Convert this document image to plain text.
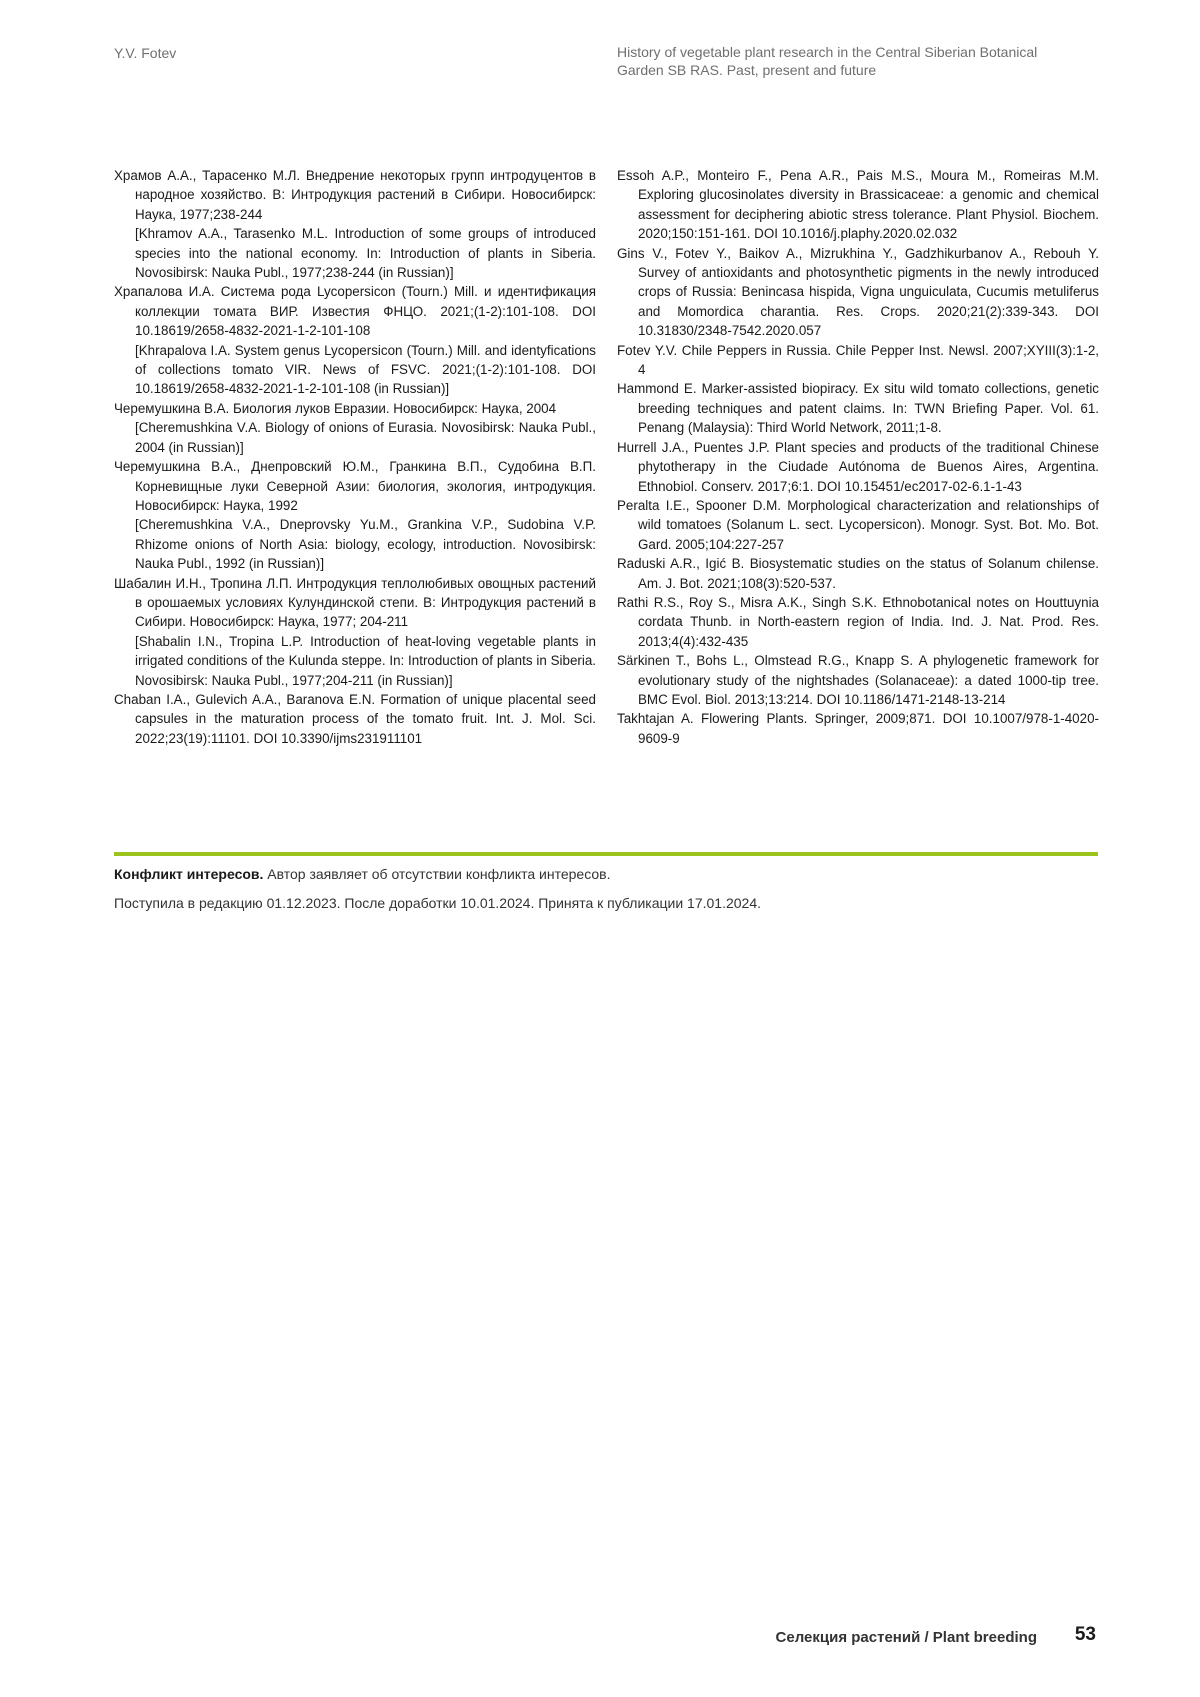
Y.V. Fotev	History of vegetable plant research in the Central Siberian Botanical Garden SB RAS. Past, present and future

Храмов А.А., Тарасенко М.Л. Внедрение некоторых групп интродуцентов в народное хозяйство. В: Интродукция растений в Сибири. Новосибирск: Наука, 1977;238-244
[Khramov A.A., Tarasenko M.L. Introduction of some groups of introduced species into the national economy. In: Introduction of plants in Siberia. Novosibirsk: Nauka Publ., 1977;238-244 (in Russian)]

Храпалова И.А. Система рода Lycopersicon (Tourn.) Mill. и идентификация коллекции томата ВИР. Известия ФНЦО. 2021;(1-2):101-108. DOI 10.18619/2658-4832-2021-1-2-101-108
[Khrapalova I.A. System genus Lycopersicon (Tourn.) Mill. and identyfications of collections tomato VIR. News of FSVC. 2021;(1-2):101-108. DOI 10.18619/2658-4832-2021-1-2-101-108 (in Russian)]

Черемушкина В.А. Биология луков Евразии. Новосибирск: Наука, 2004
[Cheremushkina V.A. Biology of onions of Eurasia. Novosibirsk: Nauka Publ., 2004 (in Russian)]

Черемушкина В.А., Днепровский Ю.М., Гранкина В.П., Судобина В.П. Корневищные луки Северной Азии: биология, экология, интродукция. Новосибирск: Наука, 1992
[Cheremushkina V.A., Dneprovsky Yu.M., Grankina V.P., Sudobina V.P. Rhizome onions of North Asia: biology, ecology, introduction. Novosibirsk: Nauka Publ., 1992 (in Russian)]

Шабалин И.Н., Тропина Л.П. Интродукция теплолюбивых овощных растений в орошаемых условиях Кулундинской степи. В: Интродукция растений в Сибири. Новосибирск: Наука, 1977; 204-211
[Shabalin I.N., Tropina L.P. Introduction of heat-loving vegetable plants in irrigated conditions of the Kulunda steppe. In: Introduction of plants in Siberia. Novosibirsk: Nauka Publ., 1977;204-211 (in Russian)]

Chaban I.A., Gulevich A.A., Baranova E.N. Formation of unique placental seed capsules in the maturation process of the tomato fruit. Int. J. Mol. Sci. 2022;23(19):11101. DOI 10.3390/ijms231911101

Essoh A.P., Monteiro F., Pena A.R., Pais M.S., Moura M., Romeiras M.M. Exploring glucosinolates diversity in Brassicaceae: a genomic and chemical assessment for deciphering abiotic stress tolerance. Plant Physiol. Biochem. 2020;150:151-161. DOI 10.1016/j.plaphy.2020.02.032

Gins V., Fotev Y., Baikov A., Mizrukhina Y., Gadzhikurbanov A., Rebouh Y. Survey of antioxidants and photosynthetic pigments in the newly introduced crops of Russia: Benincasa hispida, Vigna unguiculata, Cucumis metuliferus and Momordica charantia. Res. Crops. 2020;21(2):339-343. DOI 10.31830/2348-7542.2020.057

Fotev Y.V. Chile Peppers in Russia. Chile Pepper Inst. Newsl. 2007;XYIII(3):1-2, 4

Hammond E. Marker-assisted biopiracy. Ex situ wild tomato collections, genetic breeding techniques and patent claims. In: TWN Briefing Paper. Vol. 61. Penang (Malaysia): Third World Network, 2011;1-8.

Hurrell J.A., Puentes J.P. Plant species and products of the traditional Chinese phytotherapy in the Ciudade Autónoma de Buenos Aires, Argentina. Ethnobiol. Conserv. 2017;6:1. DOI 10.15451/ec2017-02-6.1-1-43

Peralta I.E., Spooner D.M. Morphological characterization and relationships of wild tomatoes (Solanum L. sect. Lycopersicon). Monogr. Syst. Bot. Mo. Bot. Gard. 2005;104:227-257

Raduski A.R., Igić B. Biosystematic studies on the status of Solanum chilense. Am. J. Bot. 2021;108(3):520-537.

Rathi R.S., Roy S., Misra A.K., Singh S.K. Ethnobotanical notes on Houttuynia cordata Thunb. in North-eastern region of India. Ind. J. Nat. Prod. Res. 2013;4(4):432-435

Särkinen T., Bohs L., Olmstead R.G., Knapp S. A phylogenetic framework for evolutionary study of the nightshades (Solanaceae): a dated 1000-tip tree. BMC Evol. Biol. 2013;13:214. DOI 10.1186/1471-2148-13-214

Takhtajan A. Flowering Plants. Springer, 2009;871. DOI 10.1007/978-1-4020-9609-9

Конфликт интересов. Автор заявляет об отсутствии конфликта интересов.
Поступила в редакцию 01.12.2023. После доработки 10.01.2024. Принята к публикации 17.01.2024.
Селекция растений / Plant breeding 53
